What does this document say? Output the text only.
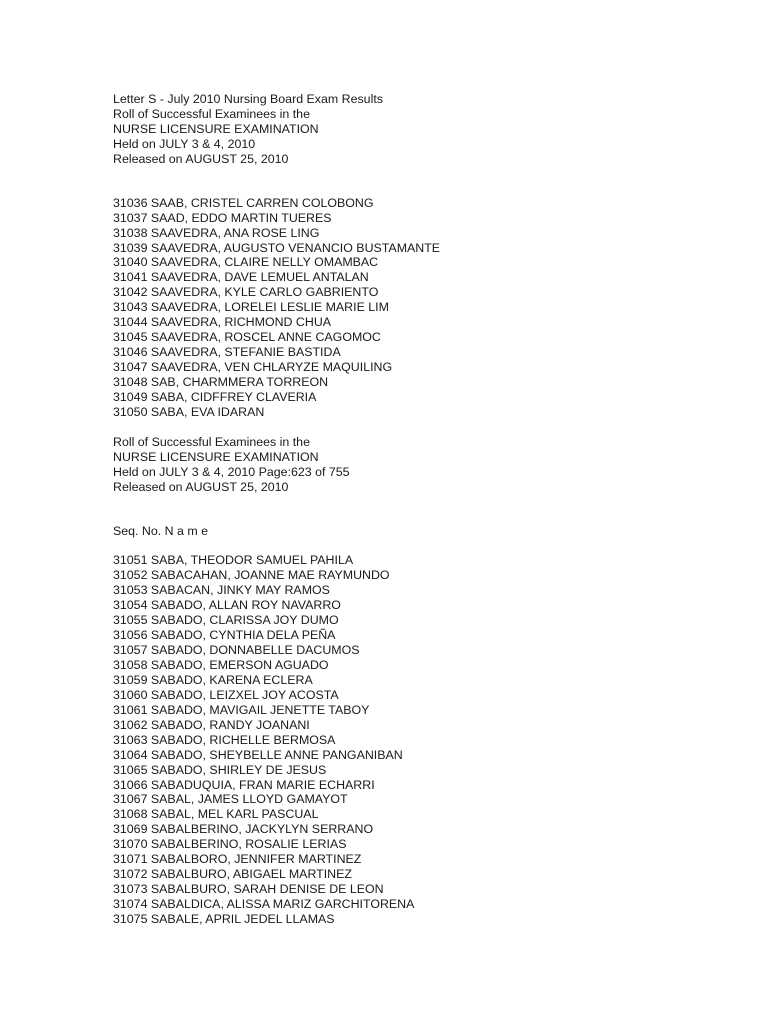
Letter S - July 2010 Nursing Board Exam Results
Roll of Successful Examinees in the
NURSE LICENSURE EXAMINATION
Held on JULY 3 & 4, 2010
Released on AUGUST 25, 2010
31036 SAAB, CRISTEL CARREN COLOBONG
31037 SAAD, EDDO MARTIN TUERES
31038 SAAVEDRA, ANA ROSE LING
31039 SAAVEDRA, AUGUSTO VENANCIO BUSTAMANTE
31040 SAAVEDRA, CLAIRE NELLY OMAMBAC
31041 SAAVEDRA, DAVE LEMUEL ANTALAN
31042 SAAVEDRA, KYLE CARLO GABRIENTO
31043 SAAVEDRA, LORELEI LESLIE MARIE LIM
31044 SAAVEDRA, RICHMOND CHUA
31045 SAAVEDRA, ROSCEL ANNE CAGOMOC
31046 SAAVEDRA, STEFANIE BASTIDA
31047 SAAVEDRA, VEN CHLARYZE MAQUILING
31048 SAB, CHARMMERA TORREON
31049 SABA, CIDFFREY CLAVERIA
31050 SABA, EVA IDARAN
Roll of Successful Examinees in the
NURSE LICENSURE EXAMINATION
Held on JULY 3 & 4, 2010 Page:623 of 755
Released on AUGUST 25, 2010
Seq. No. N a m e
31051 SABA, THEODOR SAMUEL PAHILA
31052 SABACAHAN, JOANNE MAE RAYMUNDO
31053 SABACAN, JINKY MAY RAMOS
31054 SABADO, ALLAN ROY NAVARRO
31055 SABADO, CLARISSA JOY DUMO
31056 SABADO, CYNTHIA DELA PEÑA
31057 SABADO, DONNABELLE DACUMOS
31058 SABADO, EMERSON AGUADO
31059 SABADO, KARENA ECLERA
31060 SABADO, LEIZXEL JOY ACOSTA
31061 SABADO, MAVIGAIL JENETTE TABOY
31062 SABADO, RANDY JOANANI
31063 SABADO, RICHELLE BERMOSA
31064 SABADO, SHEYBELLE ANNE PANGANIBAN
31065 SABADO, SHIRLEY DE JESUS
31066 SABADUQUIA, FRAN MARIE ECHARRI
31067 SABAL, JAMES LLOYD GAMAYOT
31068 SABAL, MEL KARL PASCUAL
31069 SABALBERINO, JACKYLYN SERRANO
31070 SABALBERINO, ROSALIE LERIAS
31071 SABALBORO, JENNIFER MARTINEZ
31072 SABALBURO, ABIGAEL MARTINEZ
31073 SABALBURO, SARAH DENISE DE LEON
31074 SABALDICA, ALISSA MARIZ GARCHITORENA
31075 SABALE, APRIL JEDEL LLAMAS
